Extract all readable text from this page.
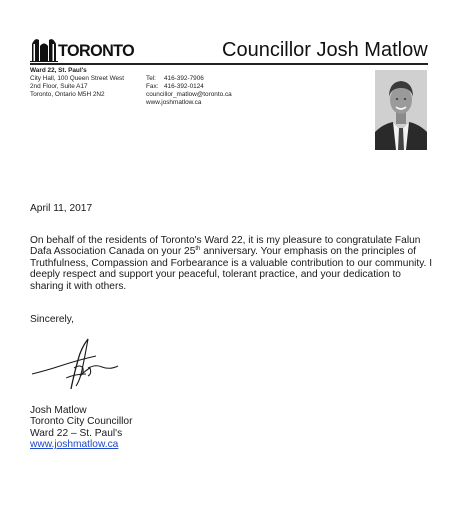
TORONTO	Councillor Josh Matlow
Ward 22, St. Paul's
City Hall, 100 Queen Street West
2nd Floor, Suite A17
Toronto, Ontario M5H 2N2
Tel:	416-392-7906
Fax: 416-392-0124
councillor_matlow@toronto.ca
www.joshmatlow.ca
April 11, 2017
On behalf of the residents of Toronto's Ward 22, it is my pleasure to congratulate Falun Dafa Association Canada on your 25th anniversary. Your emphasis on the principles of Truthfulness, Compassion and Forbearance is a valuable contribution to our community. I deeply respect and support your peaceful, tolerant practice, and your dedication to sharing it with others.
Sincerely,
Josh Matlow
Toronto City Councillor
Ward 22 – St. Paul's
www.joshmatlow.ca
